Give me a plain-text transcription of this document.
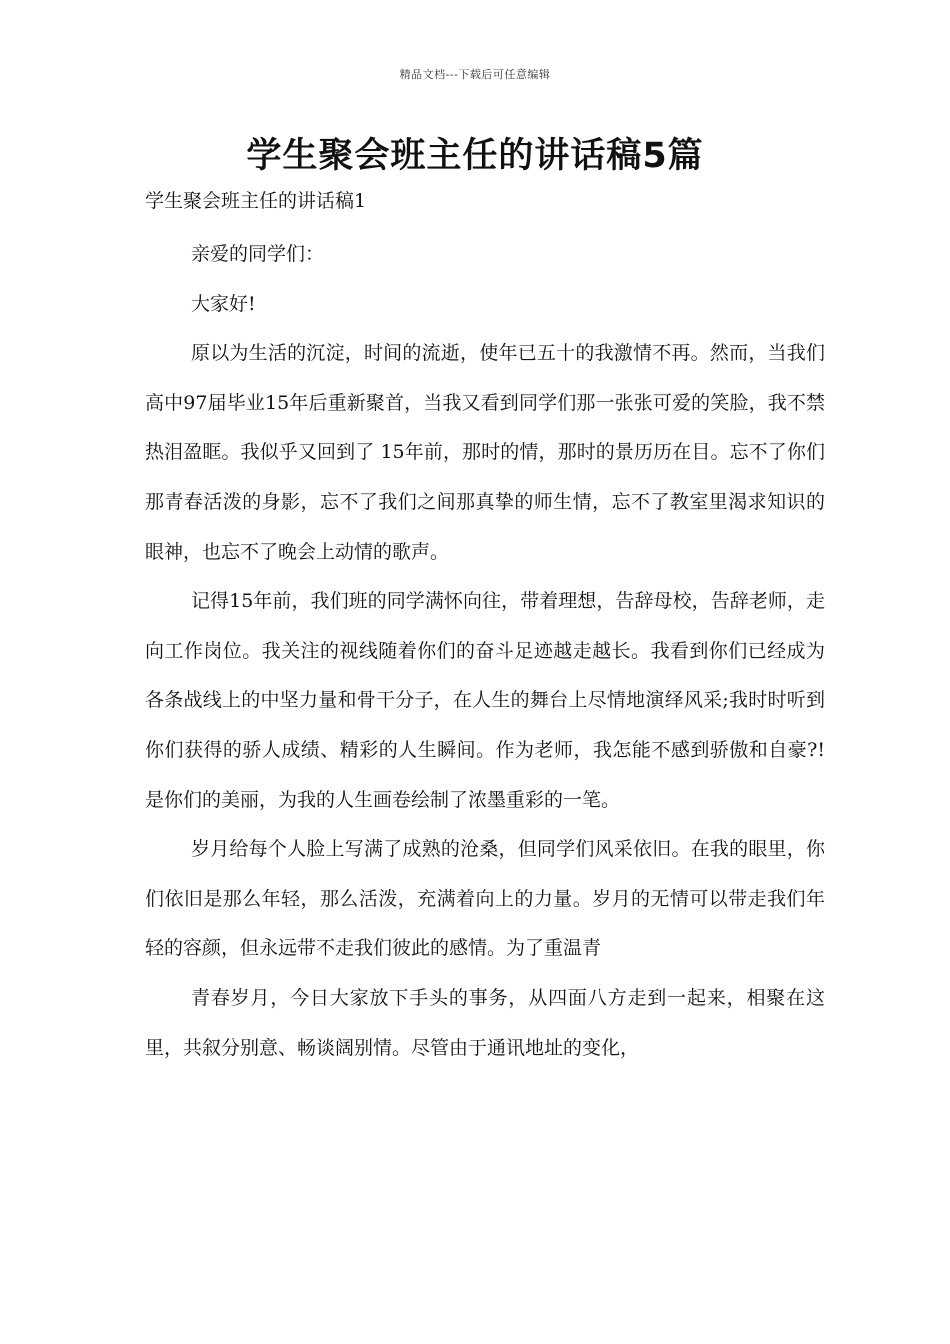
精品文档---下载后可任意编辑
学生聚会班主任的讲话稿5篇
学生聚会班主任的讲话稿1

亲爱的同学们：

大家好!

原以为生活的沉淀，时间的流逝，使年已五十的我激情不再。然而，当我们高中97届毕业15年后重新聚首，当我又看到同学们那一张张可爱的笑脸，我不禁热泪盈眶。我似乎又回到了 15年前，那时的情，那时的景历历在目。忘不了你们那青春活泼的身影，忘不了我们之间那真挚的师生情，忘不了教室里渴求知识的眼神，也忘不了晚会上动情的歌声。

记得15年前，我们班的同学满怀向往，带着理想，告辞母校，告辞老师，走向工作岗位。我关注的视线随着你们的奋斗足迹越走越长。我看到你们已经成为各条战线上的中坚力量和骨干分子，在人生的舞台上尽情地演绎风采;我时时听到你们获得的骄人成绩、精彩的人生瞬间。作为老师，我怎能不感到骄傲和自豪?!是你们的美丽，为我的人生画卷绘制了浓墨重彩的一笔。

岁月给每个人脸上写满了成熟的沧桑，但同学们风采依旧。在我的眼里，你们依旧是那么年轻，那么活泼，充满着向上的力量。岁月的无情可以带走我们年轻的容颜，但永远带不走我们彼此的感情。为了重温青

青春岁月，今日大家放下手头的事务，从四面八方走到一起来，相聚在这里，共叙分别意、畅谈阔别情。尽管由于通讯地址的变化，
